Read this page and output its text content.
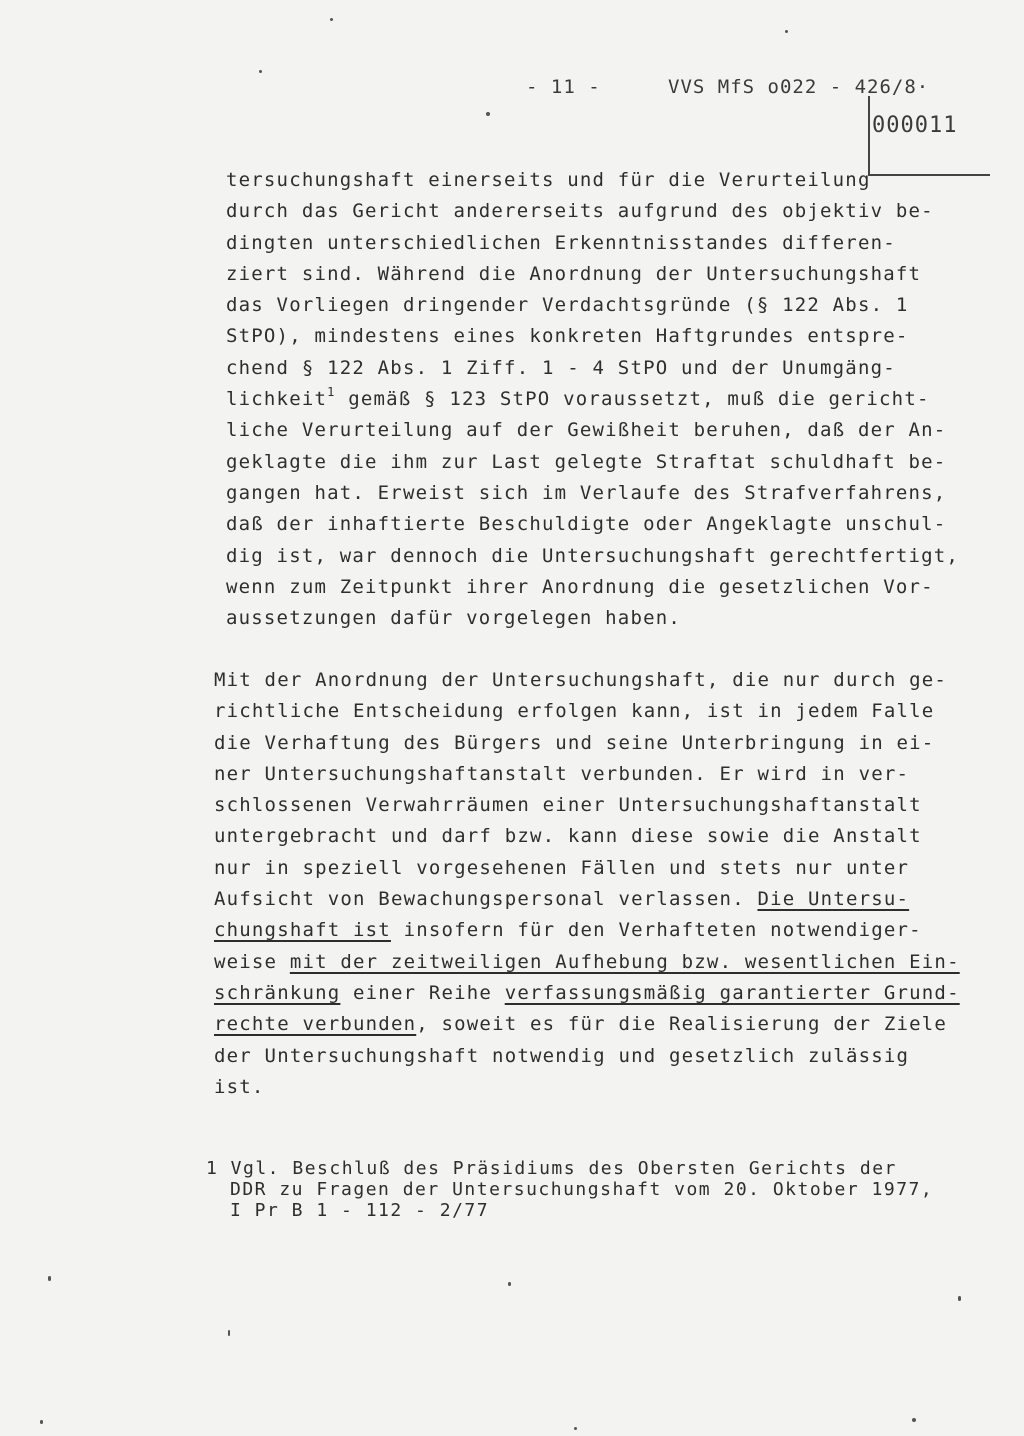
- 11 -	VVS MfS o022 - 426/8·
000011
tersuchungshaft einerseits und für die Verurteilung
durch das Gericht andererseits aufgrund des objektiv be-
dingten unterschiedlichen Erkenntnisstandes differen-
ziert sind. Während die Anordnung der Untersuchungshaft
das Vorliegen dringender Verdachtsgründe (§ 122 Abs. 1
StPO), mindestens eines konkreten Haftgrundes entspre-
chend § 122 Abs. 1 Ziff. 1 - 4 StPO und der Unumgäng-
lichkeit$^1$ gemäß § 123 StPO voraussetzt, muß die gericht-
liche Verurteilung auf der Gewißheit beruhen, daß der An-
geklagte die ihm zur Last gelegte Straftat schuldhaft be-
gangen hat. Erweist sich im Verlaufe des Strafverfahrens,
daß der inhaftierte Beschuldigte oder Angeklagte unschul-
dig ist, war dennoch die Untersuchungshaft gerechtfertigt,
wenn zum Zeitpunkt ihrer Anordnung die gesetzlichen Vor-
aussetzungen dafür vorgelegen haben.
Mit der Anordnung der Untersuchungshaft, die nur durch ge-
richtliche Entscheidung erfolgen kann, ist in jedem Falle
die Verhaftung des Bürgers und seine Unterbringung in ei-
ner Untersuchungshaftanstalt verbunden. Er wird in ver-
schlossenen Verwahrräumen einer Untersuchungshaftanstalt
untergebracht und darf bzw. kann diese sowie die Anstalt
nur in speziell vorgesehenen Fällen und stets nur unter
Aufsicht von Bewachungspersonal verlassen. Die Untersu-
chungshaft ist insofern für den Verhafteten notwendiger-
weise mit der zeitweiligen Aufhebung bzw. wesentlichen Ein-
schränkung einer Reihe verfassungsmäßig garantierter Grund-
rechte verbunden, soweit es für die Realisierung der Ziele
der Untersuchungshaft notwendig und gesetzlich zulässig
ist.
1 Vgl. Beschluß des Präsidiums des Obersten Gerichts der
DDR zu Fragen der Untersuchungshaft vom 20. Oktober 1977,
I Pr B 1 - 112 - 2/77
